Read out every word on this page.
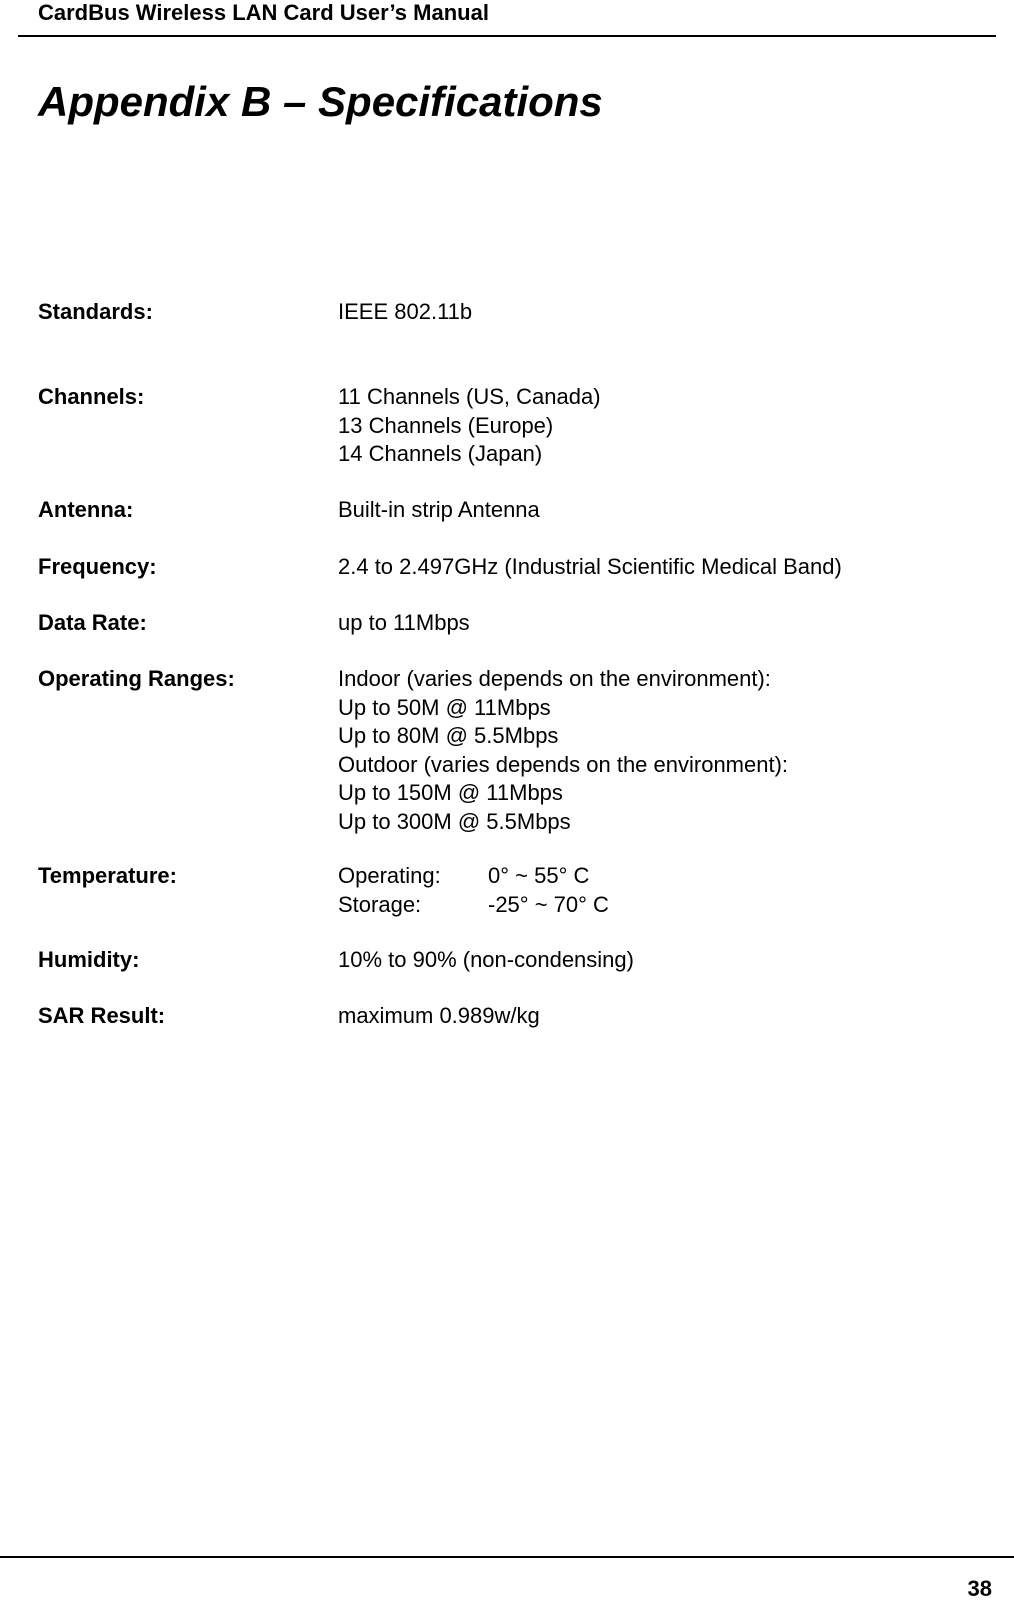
CardBus Wireless LAN Card User’s Manual
Appendix B – Specifications
Standards:	IEEE 802.11b
Channels:	11 Channels (US, Canada)
13 Channels (Europe)
14 Channels (Japan)
Antenna:	Built-in strip Antenna
Frequency:	2.4 to 2.497GHz (Industrial Scientific Medical Band)
Data Rate:	up to 11Mbps
Operating Ranges:	Indoor (varies depends on the environment):
Up to 50M @ 11Mbps
Up to 80M @ 5.5Mbps
Outdoor (varies depends on the environment):
Up to 150M @ 11Mbps
Up to 300M @ 5.5Mbps
Temperature:	Operating: 0° ~ 55° C
Storage:	-25° ~ 70° C
Humidity:	10% to 90% (non-condensing)
SAR Result:	maximum 0.989w/kg
38
